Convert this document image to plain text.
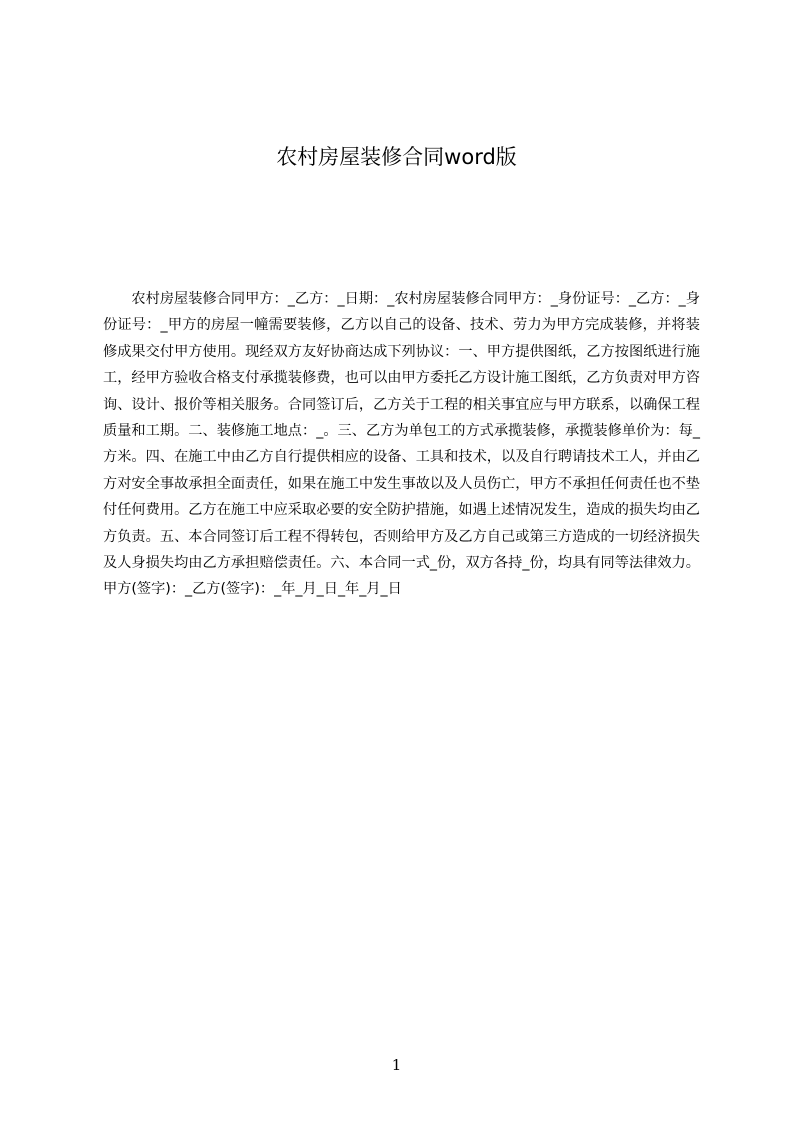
农村房屋装修合同word版

农村房屋装修合同甲方：_乙方：_日期：_农村房屋装修合同甲方：_身份证号：_乙方：_身份证号：_甲方的房屋一幢需要装修，乙方以自己的设备、技术、劳力为甲方完成装修，并将装修成果交付甲方使用。现经双方友好协商达成下列协议：一、甲方提供图纸，乙方按图纸进行施工，经甲方验收合格支付承揽装修费，也可以由甲方委托乙方设计施工图纸，乙方负责对甲方咨询、设计、报价等相关服务。合同签订后，乙方关于工程的相关事宜应与甲方联系，以确保工程质量和工期。二、装修施工地点：_。三、乙方为单包工的方式承揽装修，承揽装修单价为：每_方米。四、在施工中由乙方自行提供相应的设备、工具和技术，以及自行聘请技术工人，并由乙方对安全事故承担全面责任，如果在施工中发生事故以及人员伤亡，甲方不承担任何责任也不垫付任何费用。乙方在施工中应采取必要的安全防护措施，如遇上述情况发生，造成的损失均由乙方负责。五、本合同签订后工程不得转包，否则给甲方及乙方自己或第三方造成的一切经济损失及人身损失均由乙方承担赔偿责任。六、本合同一式_份，双方各持_份，均具有同等法律效力。甲方(签字)：_乙方(签字)：_年_月_日_年_月_日

1
